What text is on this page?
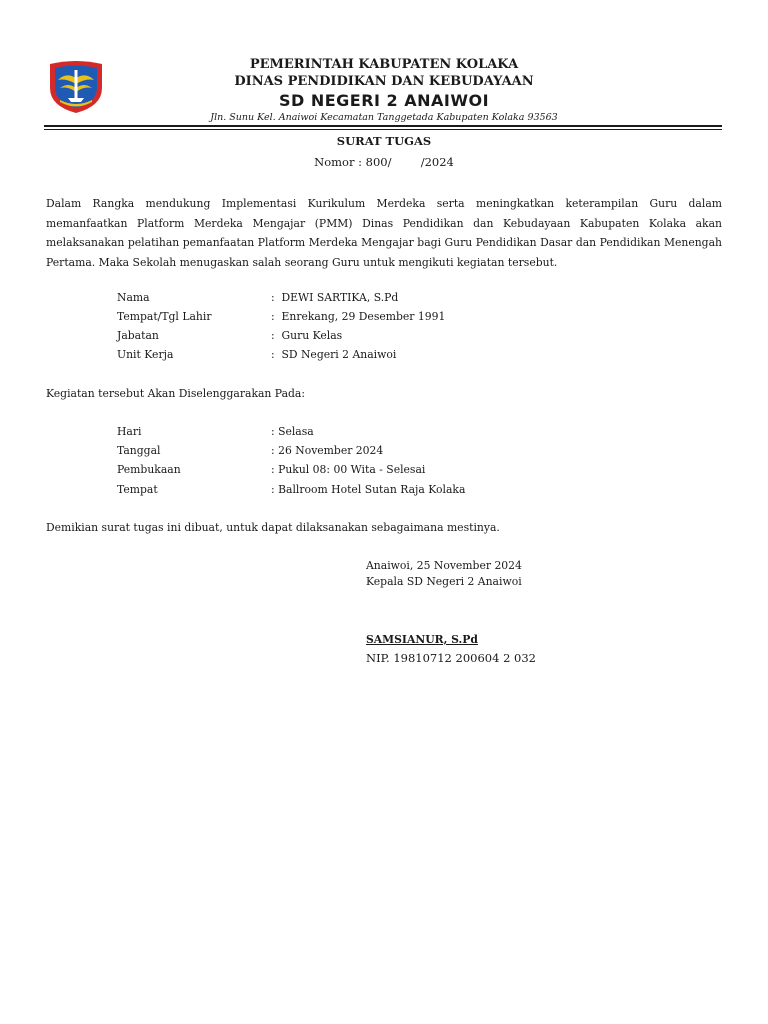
PEMERINTAH KABUPATEN KOLAKA
DINAS PENDIDIKAN DAN KEBUDAYAAN
SD NEGERI 2 ANAIWOI
Jln. Sunu Kel. Anaiwoi Kecamatan Tanggetada Kabupaten Kolaka 93563
SURAT TUGAS
Nomor : 800/        /2024
Dalam Rangka mendukung Implementasi Kurikulum Merdeka serta meningkatkan keterampilan Guru dalam memanfaatkan Platform Merdeka Mengajar (PMM) Dinas Pendidikan dan Kebudayaan Kabupaten Kolaka akan melaksanakan pelatihan pemanfaatan Platform Merdeka Mengajar bagi Guru Pendidikan Dasar dan Pendidikan Menengah Pertama. Maka Sekolah menugaskan salah seorang Guru untuk mengikuti kegiatan tersebut.
Nama	:  DEWI SARTIKA, S.Pd
Tempat/Tgl Lahir	:  Enrekang, 29 Desember 1991
Jabatan	:  Guru Kelas
Unit Kerja	:  SD Negeri 2 Anaiwoi
Kegiatan tersebut Akan Diselenggarakan Pada:
Hari	: Selasa
Tanggal	: 26 November 2024
Pembukaan	: Pukul 08: 00 Wita - Selesai
Tempat	: Ballroom Hotel Sutan Raja Kolaka
Demikian surat tugas ini dibuat, untuk dapat dilaksanakan sebagaimana mestinya.
Anaiwoi, 25 November 2024
Kepala SD Negeri 2 Anaiwoi
SAMSIANUR, S.Pd
NIP. 19810712 200604 2 032
